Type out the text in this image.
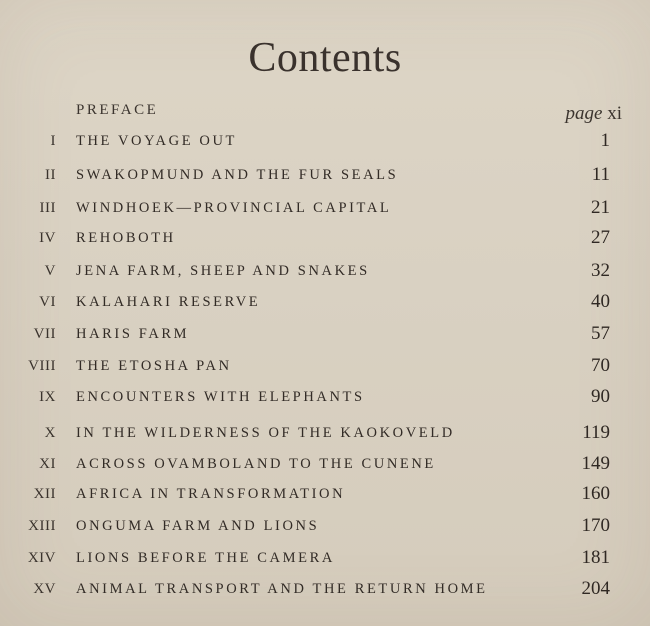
Contents
PREFACE	page xi
I THE VOYAGE OUT	1
II SWAKOPMUND AND THE FUR SEALS	11
III WINDHOEK—PROVINCIAL CAPITAL	21
IV REHOBOTH	27
V JENA FARM, SHEEP AND SNAKES	32
VI KALAHARI RESERVE	40
VII HARIS FARM	57
VIII THE ETOSHA PAN	70
IX ENCOUNTERS WITH ELEPHANTS	90
X IN THE WILDERNESS OF THE KAOKOVELD	119
XI ACROSS OVAMBOLAND TO THE CUNENE	149
XII AFRICA IN TRANSFORMATION	160
XIII ONGUMA FARM AND LIONS	170
XIV LIONS BEFORE THE CAMERA	181
XV ANIMAL TRANSPORT AND THE RETURN HOME	204
